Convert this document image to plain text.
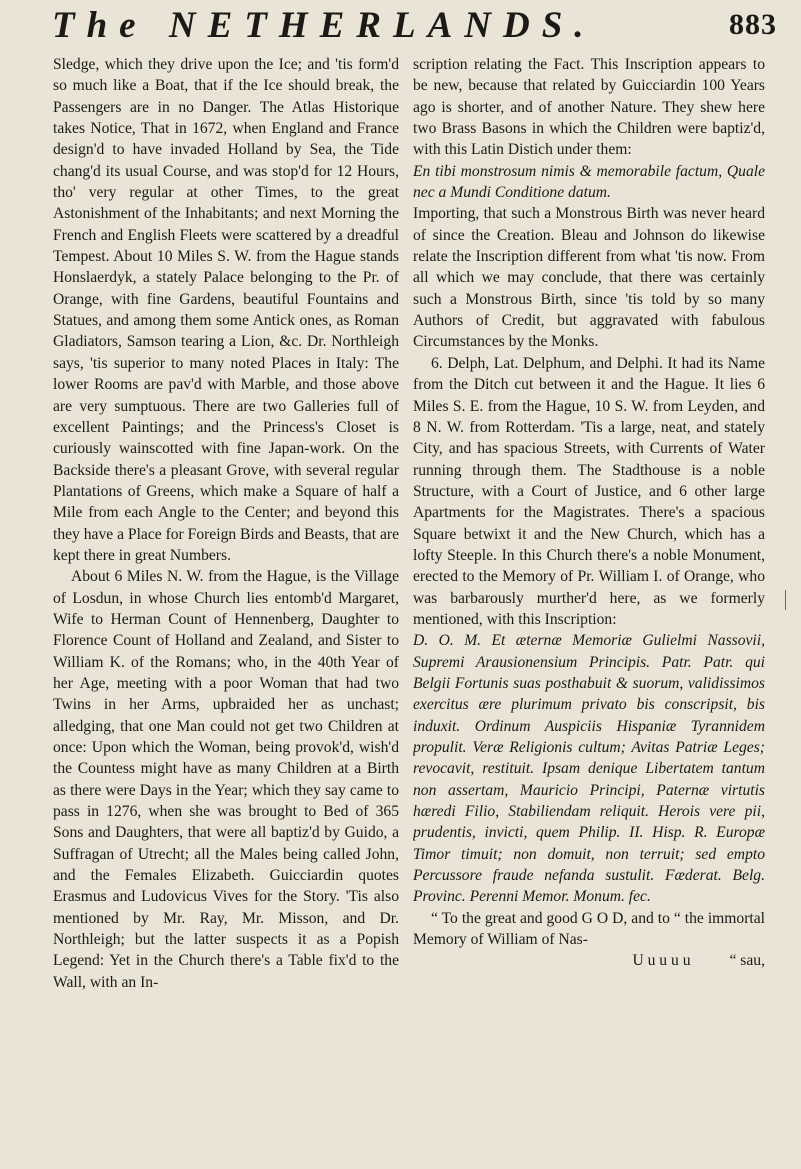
The NETHERLANDS.	883

Sledge, which they drive upon the Ice; and 'tis form'd so much like a Boat, that if the Ice should break, the Passengers are in no Danger. The Atlas Historique takes Notice, That in 1672, when England and France design'd to have invaded Holland by Sea, the Tide chang'd its usual Course, and was stop'd for 12 Hours, tho' very regular at other Times, to the great Astonishment of the Inhabitants; and next Morning the French and English Fleets were scattered by a dreadful Tempest. About 10 Miles S. W. from the Hague stands Honslaerdyk, a stately Palace belonging to the Pr. of Orange, with fine Gardens, beautiful Fountains and Statues, and among them some Antick ones, as Roman Gladiators, Samson tearing a Lion, &c. Dr. Northleigh says, 'tis superior to many noted Places in Italy: The lower Rooms are pav'd with Marble, and those above are very sumptuous. There are two Galleries full of excellent Paintings; and the Princess's Closet is curiously wainscotted with fine Japan-work. On the Backside there's a pleasant Grove, with several regular Plantations of Greens, which make a Square of half a Mile from each Angle to the Center; and beyond this they have a Place for Foreign Birds and Beasts, that are kept there in great Numbers.

About 6 Miles N. W. from the Hague, is the Village of Losdun, in whose Church lies entomb'd Margaret, Wife to Herman Count of Hennenberg, Daughter to Florence Count of Holland and Zealand, and Sister to William K. of the Romans; who, in the 40th Year of her Age, meeting with a poor Woman that had two Twins in her Arms, upbraided her as unchast; alledging, that one Man could not get two Children at once: Upon which the Woman, being provok'd, wish'd the Countess might have as many Children at a Birth as there were Days in the Year; which they say came to pass in 1276, when she was brought to Bed of 365 Sons and Daughters, that were all baptiz'd by Guido, a Suffragan of Utrecht; all the Males being called John, and the Females Elizabeth. Guicciardin quotes Erasmus and Ludovicus Vives for the Story. 'Tis also mentioned by Mr. Ray, Mr. Misson, and Dr. Northleigh; but the latter suspects it as a Popish Legend: Yet in the Church there's a Table fix'd to the Wall, with an In-

scription relating the Fact. This Inscription appears to be new, because that related by Guicciardin 100 Years ago is shorter, and of another Nature. They shew here two Brass Basons in which the Children were baptiz'd, with this Latin Distich under them:

En tibi monstrosum nimis & memorabile factum, Quale nec a Mundi Conditione datum.

Importing, that such a Monstrous Birth was never heard of since the Creation. Bleau and Johnson do likewise relate the Inscription different from what 'tis now. From all which we may conclude, that there was certainly such a Monstrous Birth, since 'tis told by so many Authors of Credit, but aggravated with fabulous Circumstances by the Monks.

6. Delph, Lat. Delphum, and Delphi. It had its Name from the Ditch cut between it and the Hague. It lies 6 Miles S. E. from the Hague, 10 S. W. from Leyden, and 8 N. W. from Rotterdam. 'Tis a large, neat, and stately City, and has spacious Streets, with Currents of Water running through them. The Stadthouse is a noble Structure, with a Court of Justice, and 6 other large Apartments for the Magistrates. There's a spacious Square betwixt it and the New Church, which has a lofty Steeple. In this Church there's a noble Monument, erected to the Memory of Pr. William I. of Orange, who was barbarously murther'd here, as we formerly mentioned, with this Inscription:

D. O. M. Et æternæ Memoriæ Gulielmi Nassovii, Supremi Arausionensium Principis. Patr. Patr. qui Belgii Fortunis suas posthabuit & suorum, validissimos exercitus ære plurimum privato bis conscripsit, bis induxit. Ordinum Auspiciis Hispaniæ Tyrannidem propulit. Veræ Religionis cultum; Avitas Patriæ Leges; revocavit, restituit. Ipsam denique Libertatem tantum non assertam, Mauricio Principi, Paternæ virtutis hæredi Filio, Stabiliendam reliquit. Herois vere pii, prudentis, invicti, quem Philip. II. Hisp. R. Europæ Timor timuit; non domuit, non terruit; sed empto Percussore fraude nefanda sustulit. Fæderat. Belg. Provinc. Perenni Memor. Monum. fec.

“ To the great and good G O D, and to “ the immortal Memory of William of Nas-

U u u u u “ sau,
